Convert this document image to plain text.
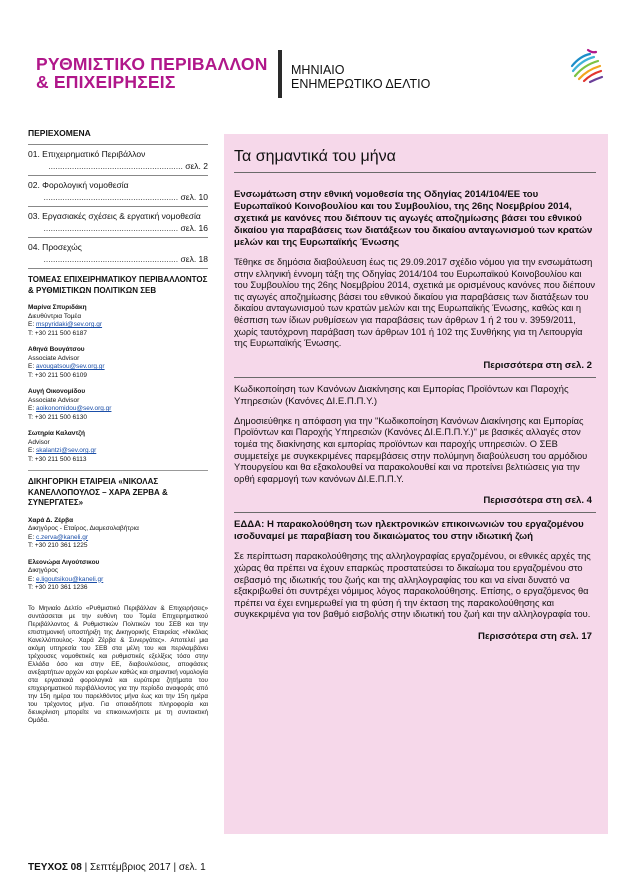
ΡΥΘΜΙΣΤΙΚΟ ΠΕΡΙΒΑΛΛΟΝ
& ΕΠΙΧΕΙΡΗΣΕΙΣ
ΜΗΝΙΑΙΟ
ΕΝΗΜΕΡΩΤΙΚΟ ΔΕΛΤΙΟ
ΠΕΡΙΕΧΟΜΕΝΑ
01. Επιχειρηματικό Περιβάλλον
......................................................... σελ. 2
02. Φορολογική νομοθεσία
......................................................... σελ. 10
03. Εργασιακές σχέσεις & εργατική νομοθεσία
......................................................... σελ. 16
04. Προσεχώς
......................................................... σελ. 18
ΤΟΜΕΑΣ ΕΠΙΧΕΙΡΗΜΑΤΙΚΟΥ ΠΕΡΙΒΑΛΛΟΝΤΟΣ & ΡΥΘΜΙΣΤΙΚΩΝ ΠΟΛΙΤΙΚΩΝ ΣΕΒ
Μαρίνα Σπυριδάκη
Διευθύντρια Τομέα
E: mspyridaki@sev.org.gr
T: +30 211 500 6187
Αθηνά Βουγάτσου
Associate Advisor
E: avougatsou@sev.org.gr
T: +30 211 500 6109
Αυγή Οικονομίδου
Associate Advisor
E: aoikonomidou@sev.org.gr
T: +30 211 500 6130
Σωτηρία Καλαντζή
Advisor
E: skalantzi@sev.org.gr
T: +30 211 500 6113
ΔΙΚΗΓΟΡΙΚΗ ΕΤΑΙΡΕΙΑ «ΝΙΚΟΛΑΣ ΚΑΝΕΛΛΟΠΟΥΛΟΣ – ΧΑΡΑ ΖΕΡΒΑ & ΣΥΝΕΡΓΑΤΕΣ»
Χαρά Δ. Ζέρβα
Δικηγόρος - Εταίρος, Διαμεσολαβήτρια
E: c.zerva@kaneli.gr
T: +30 210 361 1225
Ελεονώρα Λιγούτσικου
Δικηγόρος
E: e.ligoutsikou@kaneli.gr
T: +30 210 361 1236
Το Μηνιαίο Δελτίο «Ρυθμιστικό Περιβάλλον & Επιχειρήσεις» συντάσσεται με την ευθύνη του Τομέα Επιχειρηματικού Περιβάλλοντος & Ρυθμιστικών Πολιτικών του ΣΕΒ και την επιστημονική υποστήριξη της Δικηγορικής Εταιρείας «Νικόλας Κανελλόπουλος- Χαρά Ζέρβα & Συνεργάτες». Αποτελεί μια ακόμη υπηρεσία του ΣΕΒ στα μέλη του και περιλαμβάνει τρέχουσες νομοθετικές και ρυθμιστικές εξελίξεις τόσο στην Ελλάδα όσο και στην ΕΕ, διαβουλεύσεις, αποφάσεις ανεξαρτήτων αρχών και φορέων καθώς και σημαντική νομολογία στα εργασιακά φορολογικά και ευρύτερα ζητήματα του επιχειρηματικού περιβάλλοντος για την περίοδο αναφοράς από την 15η ημέρα του παρελθόντος μήνα έως και την 15η ημέρα του τρέχοντος μήνα. Για οποιαδήποτε πληροφορία και διευκρίνιση μπορείτε να επικοινωνήσετε με τη συντακτική Ομάδα.
Τα σημαντικά του μήνα
Ενσωμάτωση στην εθνική νομοθεσία της Οδηγίας 2014/104/ΕΕ του Ευρωπαϊκού Κοινοβουλίου και του Συμβουλίου, της 26ης Νοεμβρίου 2014, σχετικά με κανόνες που διέπουν τις αγωγές αποζημίωσης βάσει του εθνικού δικαίου για παραβάσεις των διατάξεων του δικαίου ανταγωνισμού των κρατών μελών και της Ευρωπαϊκής Ένωσης
Τέθηκε σε δημόσια διαβούλευση έως τις 29.09.2017 σχέδιο νόμου για την ενσωμάτωση στην ελληνική έννομη τάξη της Οδηγίας 2014/104 του Ευρωπαϊκού Κοινοβουλίου και του Συμβουλίου της 26ης Νοεμβρίου 2014, σχετικά με ορισμένους κανόνες που διέπουν τις αγωγές αποζημίωσης βάσει του εθνικού δικαίου για παραβάσεις των διατάξεων του δικαίου ανταγωνισμού των κρατών μελών και της Ευρωπαϊκής Ένωσης, καθώς και η θέσπιση των ίδιων ρυθμίσεων για παραβάσεις των άρθρων 1 ή 2 του ν. 3959/2011, χωρίς ταυτόχρονη παράβαση των άρθρων 101 ή 102 της Συνθήκης για τη Λειτουργία της Ευρωπαϊκής Ένωσης.
Περισσότερα στη σελ. 2
Κωδικοποίηση των Κανόνων Διακίνησης και Εμπορίας Προϊόντων και Παροχής Υπηρεσιών (Κανόνες ΔΙ.Ε.Π.Π.Υ.)
Δημοσιεύθηκε η απόφαση για την "Κωδικοποίηση Κανόνων Διακίνησης και Εμπορίας Προϊόντων και Παροχής Υπηρεσιών (Κανόνες ΔΙ.Ε.Π.Π.Υ.)" με βασικές αλλαγές στον τομέα της διακίνησης και εμπορίας προϊόντων και παροχής υπηρεσιών. Ο ΣΕΒ συμμετείχε με συγκεκριμένες παρεμβάσεις στην πολύμηνη διαβούλευση του αρμόδιου Υπουργείου και θα εξακολουθεί να παρακολουθεί και να προτείνει βελτιώσεις για την ορθή εφαρμογή των κανόνων ΔΙ.Ε.Π.Π.Υ.
Περισσότερα στη σελ. 4
ΕΔΔΑ: Η παρακολούθηση των ηλεκτρονικών επικοινωνιών του εργαζομένου ισοδυναμεί με παραβίαση του δικαιώματος του στην ιδιωτική ζωή
Σε περίπτωση παρακολούθησης της αλληλογραφίας εργαζομένου, οι εθνικές αρχές της χώρας θα πρέπει να έχουν επαρκώς προστατεύσει το δικαίωμα του εργαζομένου στο σεβασμό της ιδιωτικής του ζωής και της αλληλογραφίας του και να είναι δυνατό να εξακριβωθεί ότι συντρέχει νόμιμος λόγος παρακολούθησης. Επίσης, ο εργαζόμενος θα πρέπει να έχει ενημερωθεί για τη φύση ή την έκταση της παρακολούθησης και συγκεκριμένα για τον βαθμό εισβολής στην ιδιωτική του ζωή και την αλληλογραφία του.
Περισσότερα στη σελ. 17
ΤΕΥΧΟΣ 08 | Σεπτέμβριος 2017 | σελ. 1
